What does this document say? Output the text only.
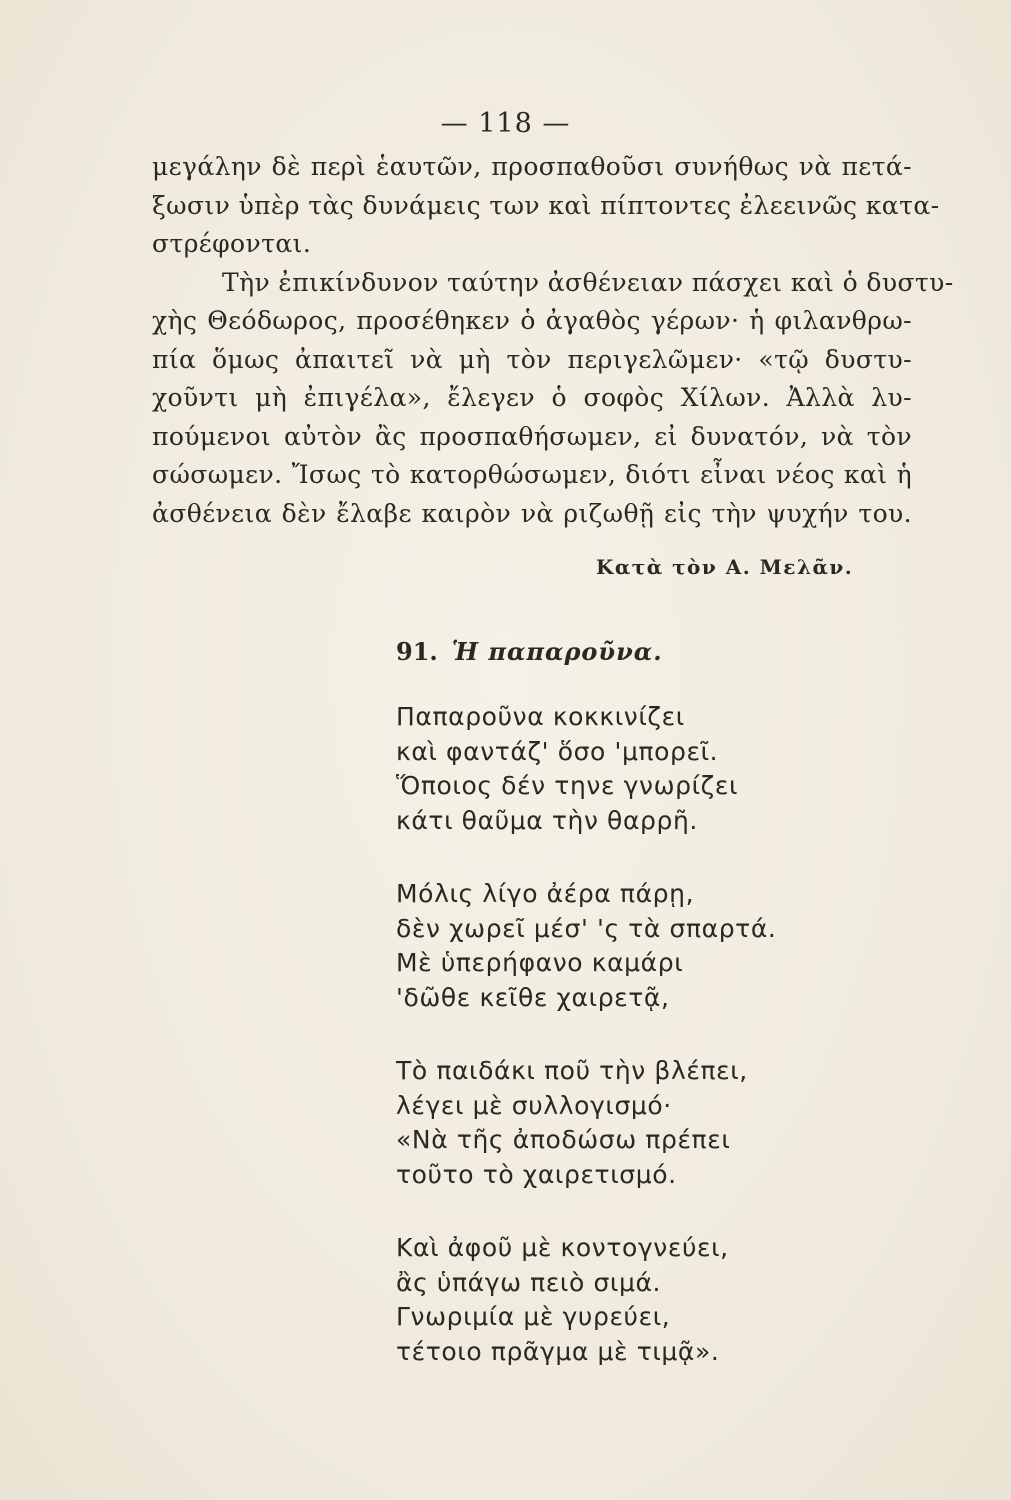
— 118 —
μεγάλην δὲ περὶ ἑαυτῶν, προσπαθοῦσι συνήθως νὰ πετά-
ξωσιν ὑπὲρ τὰς δυνάμεις των καὶ πίπτοντες ἐλεεινῶς κατα-
στρέφονται.
Τὴν ἐπικίνδυνον ταύτην ἀσθένειαν πάσχει καὶ ὁ δυστυ-
χὴς Θεόδωρος, προσέθηκεν ὁ ἀγαθὸς γέρων· ἡ φιλανθρω-
πία ὅμως ἀπαιτεῖ νὰ μὴ τὸν περιγελῶμεν· «τῷ δυστυ-
χοῦντι μὴ ἐπιγέλα», ἔλεγεν ὁ σοφὸς Χίλων. Ἀλλὰ λυ-
πούμενοι αὐτὸν ἂς προσπαθήσωμεν, εἰ δυνατόν, νὰ τὸν
σώσωμεν. Ἴσως τὸ κατορθώσωμεν, διότι εἶναι νέος καὶ ἡ
ἀσθένεια δὲν ἔλαβε καιρὸν νὰ ριζωθῇ εἰς τὴν ψυχήν του.
Κατὰ τὸν Α. Μελᾶν.
91. Ἡ παπαροῦνα.
Παπαροῦνα κοκκινίζει
καὶ φαντάζ' ὅσο 'μπορεῖ.
Ὅποιος δέν τηνε γνωρίζει
κάτι θαῦμα τὴν θαρρῆ.
Μόλις λίγο ἀέρα πάρῃ,
δὲν χωρεῖ μέσ' 'ς τὰ σπαρτά.
Μὲ ὑπερήφανο καμάρι
'δῶθε κεῖθε χαιρετᾷ,
Τὸ παιδάκι ποῦ τὴν βλέπει,
λέγει μὲ συλλογισμό·
«Νὰ τῆς ἀποδώσω πρέπει
τοῦτο τὸ χαιρετισμό.
Καὶ ἀφοῦ μὲ κοντογνεύει,
ἂς ὑπάγω πειὸ σιμά.
Γνωριμία μὲ γυρεύει,
τέτοιο πρᾶγμα μὲ τιμᾷ».
